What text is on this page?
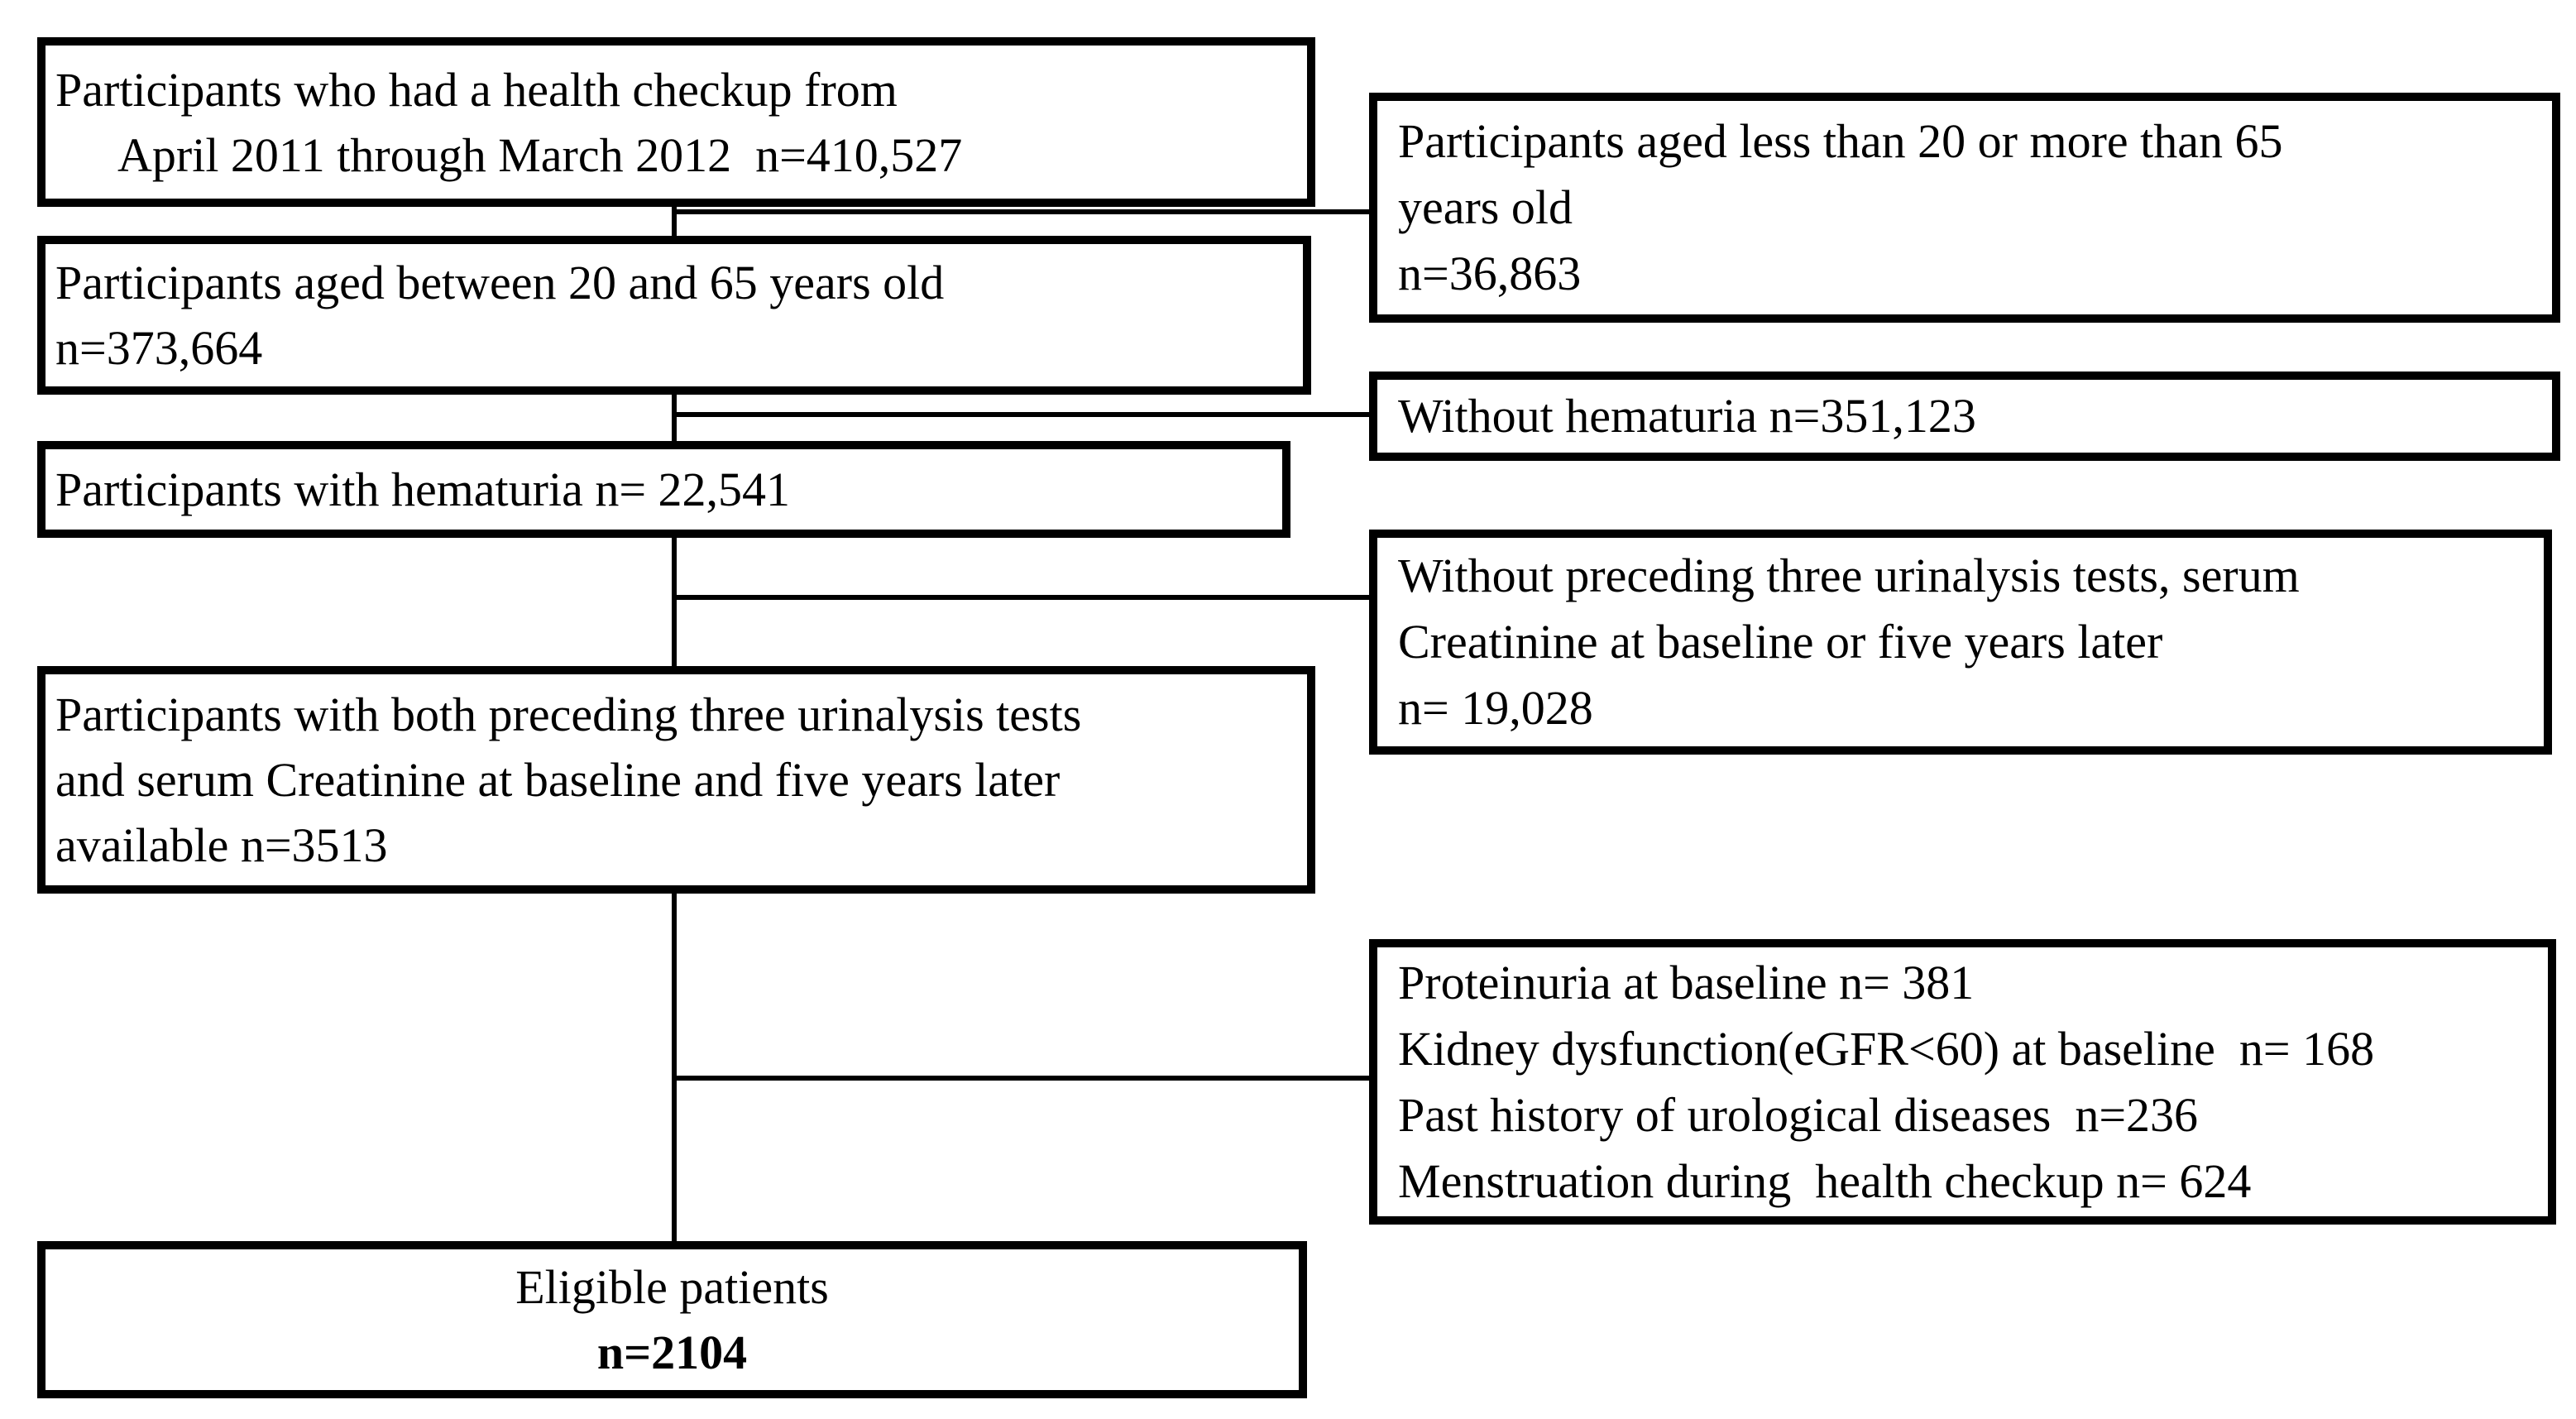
Participants who had a health checkup from
April 2011 through March 2012  n=410,527
Participants aged between 20 and 65 years old
n=373,664
Participants with hematuria n= 22,541
Participants with both preceding three urinalysis tests
and serum Creatinine at baseline and five years later
available n=3513
Eligible patients
n=2104
Participants aged less than 20 or more than 65
years old
n=36,863
Without hematuria n=351,123
Without preceding three urinalysis tests, serum
Creatinine at baseline or five years later
n= 19,028
Proteinuria at baseline n= 381
Kidney dysfunction(eGFR<60) at baseline  n= 168
Past history of urological diseases  n=236
Menstruation during  health checkup n= 624
